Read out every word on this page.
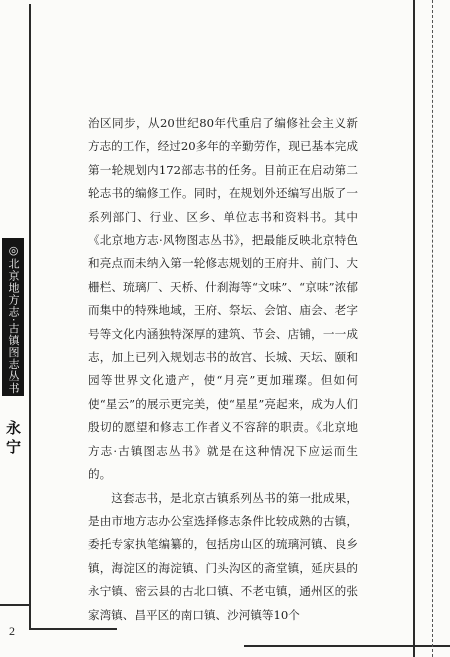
◎北京地方志·古镇图志丛书
永宁

治区同步，从20世纪80年代重启了编修社会主义新方志的工作，经过20多年的辛勤劳作，现已基本完成第一轮规划内172部志书的任务。目前正在启动第二轮志书的编修工作。同时，在规划外还编写出版了一系列部门、行业、区乡、单位志书和资料书。其中《北京地方志·风物图志丛书》，把最能反映北京特色和亮点而未纳入第一轮修志规划的王府井、前门、大栅栏、琉璃厂、天桥、什刹海等“文味”、“京味”浓郁而集中的特殊地域，王府、祭坛、会馆、庙会、老字号等文化内涵独特深厚的建筑、节会、店铺，一一成志，加上已列入规划志书的故宫、长城、天坛、颐和园等世界文化遗产，使“月亮”更加璀璨。但如何使“星云”的展示更完美，使“星星”亮起来，成为人们殷切的愿望和修志工作者义不容辞的职责。《北京地方志·古镇图志丛书》就是在这种情况下应运而生的。

这套志书，是北京古镇系列丛书的第一批成果，是由市地方志办公室选择修志条件比较成熟的古镇，委托专家执笔编纂的，包括房山区的琉璃河镇、良乡镇，海淀区的海淀镇、门头沟区的斋堂镇，延庆县的永宁镇、密云县的古北口镇、不老屯镇，通州区的张家湾镇、昌平区的南口镇、沙河镇等10个

2
